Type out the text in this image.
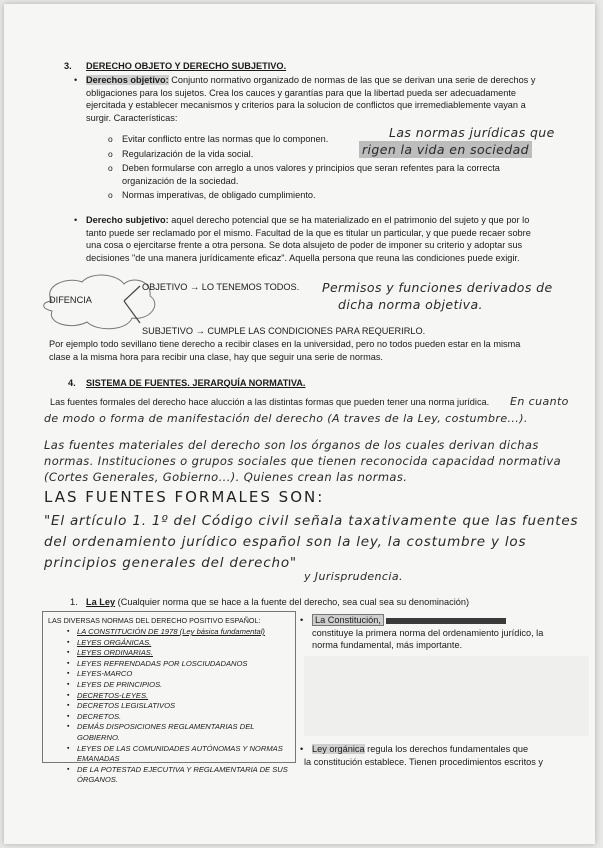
3. DERECHO OBJETO Y DERECHO SUBJETIVO.
• Derechos objetivo: Conjunto normativo organizado de normas de las que se derivan una serie de derechos y
obligaciones para los sujetos. Crea los cauces y garantías para que la libertad pueda ser adecuadamente
ejercitada y establecer mecanismos y criterios para la solucion de conflictos que irremediablemente vayan a
surgir. Características:
o Evitar conflicto entre las normas que lo componen.
o Regularización de la vida social.
o Deben formularse con arreglo a unos valores y principios que seran refentes para la correcta
organización de la sociedad.
o Normas imperativas, de obligado cumplimiento.
Las normas jurídicas que
rigen la vida en sociedad
• Derecho subjetivo: aquel derecho potencial que se ha materializado en el patrimonio del sujeto y que por lo
tanto puede ser reclamado por el mismo. Facultad de la que es titular un particular, y que puede recaer sobre
una cosa o ejercitarse frente a otra persona. Se dota alsujeto de poder de imponer su criterio y adoptar sus
decisiones "de una manera jurídicamente eficaz". Aquella persona que reuna las condiciones puede exigir.
DIFENCIA
OBJETIVO → LO TENEMOS TODOS.
SUBJETIVO → CUMPLE LAS CONDICIONES PARA REQUERIRLO.
Permisos y funciones derivados de
dicha norma objetiva.
Por ejemplo todo sevillano tiene derecho a recibir clases en la universidad, pero no todos pueden estar en la misma
clase a la misma hora para recibir una clase, hay que seguir una serie de normas.
4. SISTEMA DE FUENTES. JERARQUÍA NORMATIVA.
Las fuentes formales del derecho hace alucción a las distintas formas que pueden tener una norma jurídica.	En cuanto
de modo o forma de manifestación del derecho (A traves de la Ley, costumbre...).
Las fuentes materiales del derecho son los órganos de los cuales derivan dichas
normas. Instituciones o grupos sociales que tienen reconocida capacidad normativa
(Cortes Generales, Gobierno...). Quienes crean las normas.
LAS FUENTES FORMALES SON:
"El artículo 1. 1º del Código civil señala taxativamente que las fuentes
del ordenamiento jurídico español son la ley, la costumbre y los
principios generales del derecho"
y Jurisprudencia.
1. La Ley (Cualquier norma que se hace a la fuente del derecho, sea cual sea su denominación)
LAS DIVERSAS NORMAS DEL DERECHO POSITIVO ESPAÑOL:
▪ LA CONSTITUCIÓN DE 1978 (Ley básica fundamental)
▪ LEYES ORGÁNICAS.
▪ LEYES ORDINARIAS.
▪ LEYES REFRENDADAS POR LOSCIUDADANOS
▪ LEYES-MARCO
▪ LEYES DE PRINCIPIOS.
▪ DECRETOS-LEYES.
▪ DECRETOS LEGISLATIVOS
▪ DECRETOS.
▪ DEMÁS DISPOSICIONES REGLAMENTARIAS DEL GOBIERNO.
▪ LEYES DE LAS COMUNIDADES AUTÓNOMAS Y NORMAS EMANADAS
▪ DE LA POTESTAD EJECUTIVA Y REGLAMENTARIA DE SUS ÓRGANOS.
• La Constitución,
constituye la primera norma del ordenamiento jurídico, la
norma fundamental, más importante.
• Ley orgánica regula los derechos fundamentales que
la constitución establece. Tienen procedimientos escritos y
